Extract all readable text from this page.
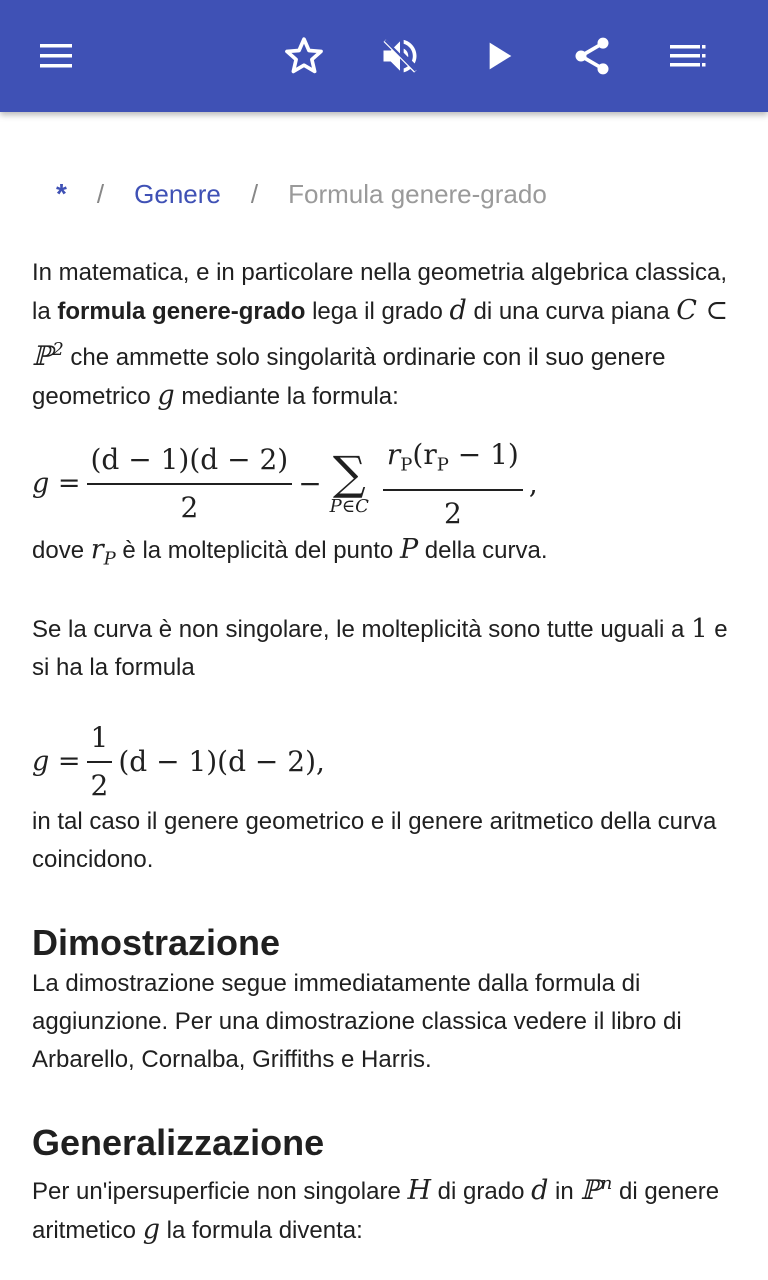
* / Genere / Formula genere-grado

In matematica, e in particolare nella geometria algebrica classica, la formula genere-grado lega il grado d di una curva piana C ⊂ ℙ$^2$ che ammette solo singolarità ordinarie con il suo genere geometrico g mediante la formula:

$g = \frac{(d - 1)(d - 2)}{2}$ − ∑
P∈C $\frac{r_P(r_P - 1)}{2}$ ,

dove $r_P$ è la molteplicità del punto P della curva.

Se la curva è non singolare, le molteplicità sono tutte uguali a 1 e si ha la formula

$g = \frac{1}{2} (d - 1)(d - 2)$,

in tal caso il genere geometrico e il genere aritmetico della curva coincidono.

Dimostrazione

La dimostrazione segue immediatamente dalla formula di aggiunzione. Per una dimostrazione classica vedere il libro di Arbarello, Cornalba, Griffiths e Harris.

Generalizzazione

Per un'ipersuperficie non singolare H di grado d in ℙ$^n$ di genere aritmetico g la formula diventa:
